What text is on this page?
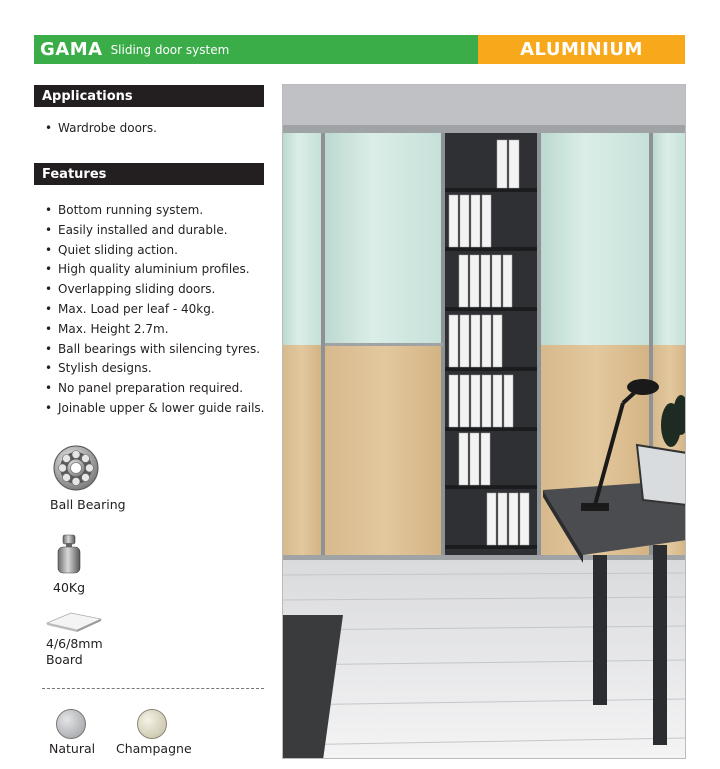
GAMA Sliding door system	ALUMINIUM
Applications
• Wardrobe doors.
Features
• Bottom running system.
• Easily installed and durable.
• Quiet sliding action.
• High quality aluminium profiles.
• Overlapping sliding doors.
• Max. Load per leaf - 40kg.
• Max. Height 2.7m.
• Ball bearings with silencing tyres.
• Stylish designs.
• No panel preparation required.
• Joinable upper & lower guide rails.
Ball Bearing
40Kg
4/6/8mm
Board
Natural Champagne
